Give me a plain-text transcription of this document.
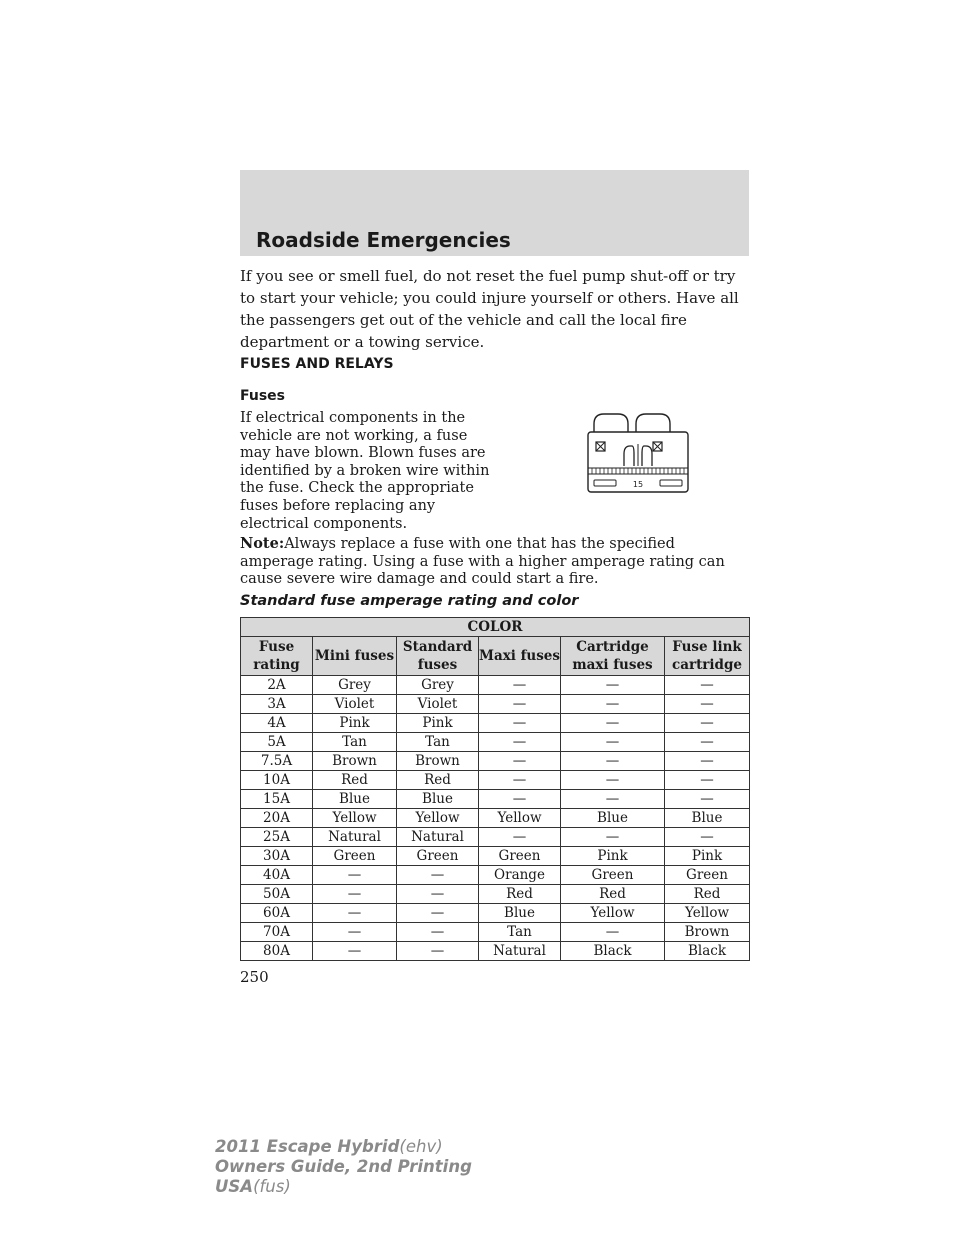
Roadside Emergencies
If you see or smell fuel, do not reset the fuel pump shut-off or try to start your vehicle; you could injure yourself or others. Have all the passengers get out of the vehicle and call the local fire department or a towing service.
FUSES AND RELAYS
Fuses
If electrical components in the vehicle are not working, a fuse may have blown. Blown fuses are identified by a broken wire within the fuse. Check the appropriate fuses before replacing any electrical components.
15
Note:Always replace a fuse with one that has the specified amperage rating. Using a fuse with a higher amperage rating can cause severe wire damage and could start a fire.
Standard fuse amperage rating and color
COLOR					
Fuse rating	Mini fuses	Standard fuses	Maxi fuses	Cartridge maxi fuses	Fuse link cartridge
2A	Grey	Grey	—	—	—
3A	Violet	Violet	—	—	—
4A	Pink	Pink	—	—	—
5A	Tan	Tan	—	—	—
7.5A	Brown	Brown	—	—	—
10A	Red	Red	—	—	—
15A	Blue	Blue	—	—	—
20A	Yellow	Yellow	Yellow	Blue	Blue
25A	Natural	Natural	—	—	—
30A	Green	Green	Green	Pink	Pink
40A	—	—	Orange	Green	Green
50A	—	—	Red	Red	Red
60A	—	—	Blue	Yellow	Yellow
70A	—	—	Tan	—	Brown
80A	—	—	Natural	Black	Black
250
2011 Escape Hybrid(ehv)
Owners Guide, 2nd Printing
USA(fus)
